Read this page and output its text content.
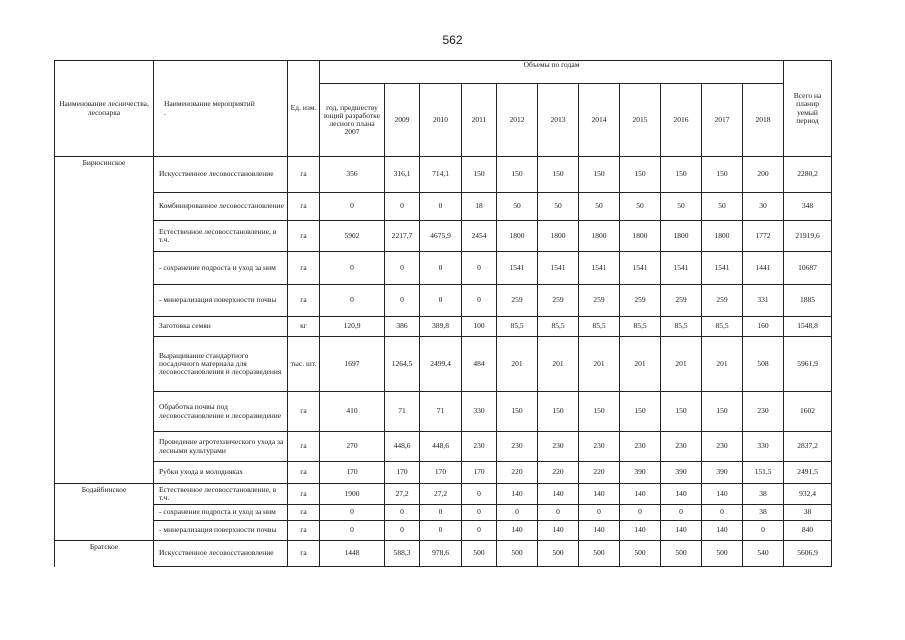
562
Наименование лесничества, лесопарка	Наименование мероприятий
.	Ед. изм.	Объемы по годам											Всего на планир уемый период
			год, предшеству ющий разработке лесного плана 2007	2009	2010	2011	2012	2013	2014	2015	2016	2017	2018	
Бирюсинское	Искусственное лесовосстановление	га	356	316,1	714,1	150	150	150	150	150	150	150	200	2280,2
	Комбинированное лесовосстановление	га	0	0	0	18	50	50	50	50	50	50	30	348
	Естественное лесовосстановление, в т.ч.	га	5902	2217,7	4675,9	2454	1800	1800	1800	1800	1800	1800	1772	21919,6
	- сохранение подроста и уход за ним	га	0	0	0	0	1541	1541	1541	1541	1541	1541	1441	10687
	- минерализация поверхности почвы	га	0	0	0	0	259	259	259	259	259	259	331	1885
	Заготовка семян	кг	120,9	386	389,8	100	85,5	85,5	85,5	85,5	85,5	85,5	160	1548,8
	Выращивание стандартного посадочного материала для лесовосстановления и лесоразведения	тыс. шт.	1697	1264,5	2499,4	484	201	201	201	201	201	201	508	5961,9
	Обработка почвы под лесовосстановление и лесоразведение	га	410	71	71	330	150	150	150	150	150	150	230	1602
	Проведение агротехнического ухода за лесными культурами	га	270	448,6	448,6	230	230	230	230	230	230	230	330	2837,2
	Рубки ухода в молодняках	га	170	170	170	170	220	220	220	390	390	390	151,5	2491,5
Бодайбинское	Естественное лесовосстановление, в т.ч.	га	1900	27,2	27,2	0	140	140	140	140	140	140	38	932,4
	- сохранение подроста и уход за ним	га	0	0	0	0	0	0	0	0	0	0	38	38
	- минерализация поверхности почвы	га	0	0	0	0	140	140	140	140	140	140	0	840
Братское	Искусственное лесовосстановление	га	1448	588,3	978,6	500	500	500	500	500	500	500	540	5606,9
